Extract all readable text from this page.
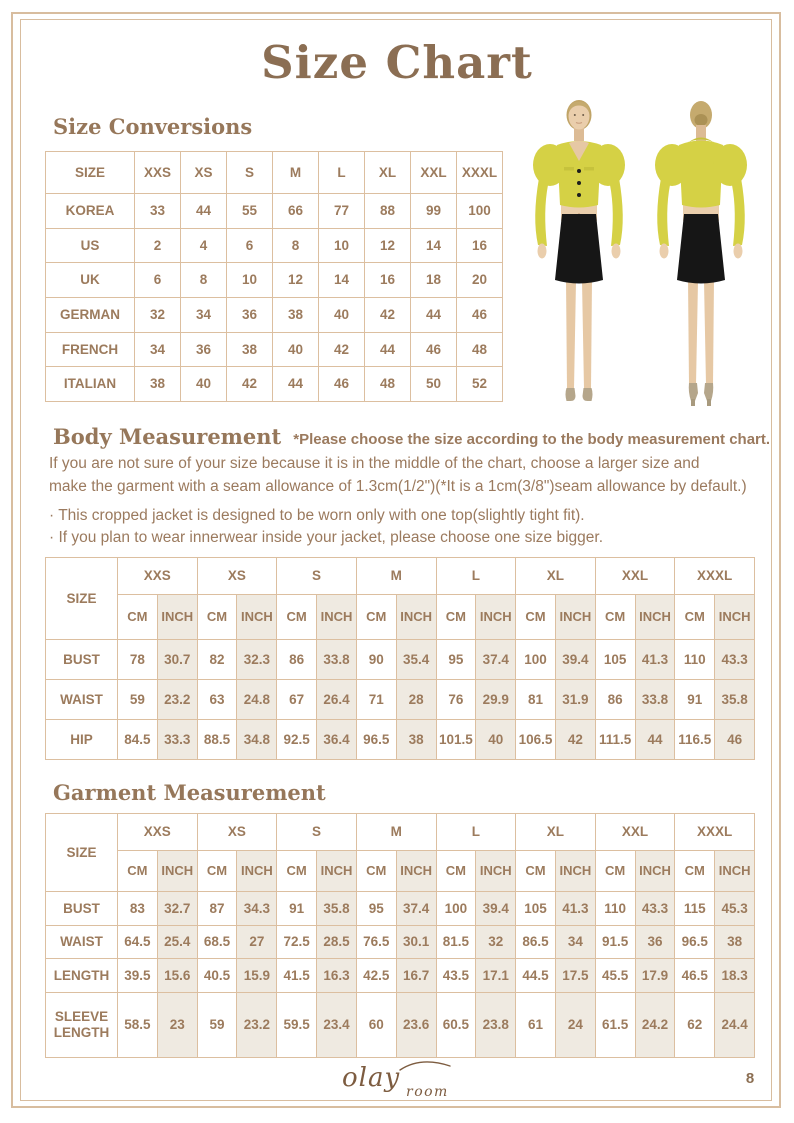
Size Chart
Size Conversions
SIZE	XXS	XS	S	M	L	XL	XXL	XXXL
KOREA	33	44	55	66	77	88	99	100
US	2	4	6	8	10	12	14	16
UK	6	8	10	12	14	16	18	20
GERMAN	32	34	36	38	40	42	44	46
FRENCH	34	36	38	40	42	44	46	48
ITALIAN	38	40	42	44	46	48	50	52
Body Measurement *Please choose the size according to the body measurement chart.
If you are not sure of your size because it is in the middle of the chart, choose a larger size and
make the garment with a seam allowance of 1.3cm(1/2")(*It is a 1cm(3/8")seam allowance by default.)
· This cropped jacket is designed to be worn only with one top(slightly tight fit).
· If you plan to wear innerwear inside your jacket, please choose one size bigger.
SIZE	XXS		XS		S		M		L		XL		XXL		XXXL	
	CM	INCH	CM	INCH	CM	INCH	CM	INCH	CM	INCH	CM	INCH	CM	INCH	CM	INCH
BUST	78	30.7	82	32.3	86	33.8	90	35.4	95	37.4	100	39.4	105	41.3	110	43.3
WAIST	59	23.2	63	24.8	67	26.4	71	28	76	29.9	81	31.9	86	33.8	91	35.8
HIP	84.5	33.3	88.5	34.8	92.5	36.4	96.5	38	101.5	40	106.5	42	111.5	44	116.5	46
Garment Measurement
SIZE	XXS		XS		S		M		L		XL		XXL		XXXL	
	CM	INCH	CM	INCH	CM	INCH	CM	INCH	CM	INCH	CM	INCH	CM	INCH	CM	INCH
BUST	83	32.7	87	34.3	91	35.8	95	37.4	100	39.4	105	41.3	110	43.3	115	45.3
WAIST	64.5	25.4	68.5	27	72.5	28.5	76.5	30.1	81.5	32	86.5	34	91.5	36	96.5	38
LENGTH	39.5	15.6	40.5	15.9	41.5	16.3	42.5	16.7	43.5	17.1	44.5	17.5	45.5	17.9	46.5	18.3
SLEEVE LENGTH	58.5	23	59	23.2	59.5	23.4	60	23.6	60.5	23.8	61	24	61.5	24.2	62	24.4
olay room
8
